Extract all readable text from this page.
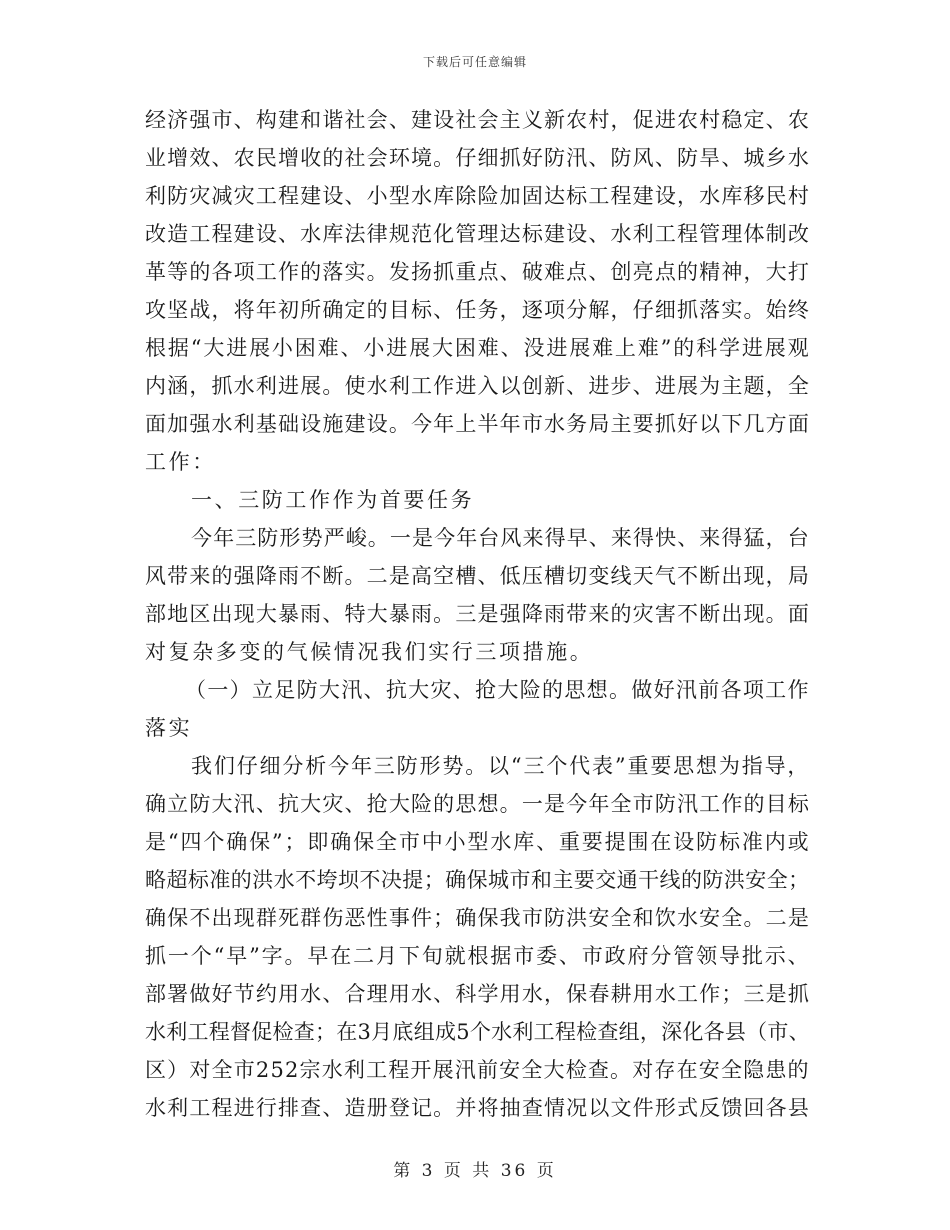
下载后可任意编辑
经济强市、构建和谐社会、建设社会主义新农村，促进农村稳定、农
业增效、农民增收的社会环境。仔细抓好防汛、防风、防旱、城乡水
利防灾减灾工程建设、小型水库除险加固达标工程建设，水库移民村
改造工程建设、水库法律规范化管理达标建设、水利工程管理体制改
革等的各项工作的落实。发扬抓重点、破难点、创亮点的精神，大打
攻坚战，将年初所确定的目标、任务，逐项分解，仔细抓落实。始终
根据“大进展小困难、小进展大困难、没进展难上难”的科学进展观
内涵，抓水利进展。使水利工作进入以创新、进步、进展为主题，全
面加强水利基础设施建设。今年上半年市水务局主要抓好以下几方面
工作：
一、三防工作作为首要任务
今年三防形势严峻。一是今年台风来得早、来得快、来得猛，台
风带来的强降雨不断。二是高空槽、低压槽切变线天气不断出现，局
部地区出现大暴雨、特大暴雨。三是强降雨带来的灾害不断出现。面
对复杂多变的气候情况我们实行三项措施。
（一）立足防大汛、抗大灾、抢大险的思想。做好汛前各项工作
落实
我们仔细分析今年三防形势。以“三个代表”重要思想为指导，
确立防大汛、抗大灾、抢大险的思想。一是今年全市防汛工作的目标
是“四个确保”；即确保全市中小型水库、重要提围在设防标准内或
略超标准的洪水不垮坝不决提；确保城市和主要交通干线的防洪安全；
确保不出现群死群伤恶性事件；确保我市防洪安全和饮水安全。二是
抓一个“早”字。早在二月下旬就根据市委、市政府分管领导批示、
部署做好节约用水、合理用水、科学用水，保春耕用水工作；三是抓
水利工程督促检查；在3月底组成5个水利工程检查组，深化各县（市、
区）对全市252宗水利工程开展汛前安全大检查。对存在安全隐患的
水利工程进行排查、造册登记。并将抽查情况以文件形式反馈回各县
第 3 页 共 36 页
